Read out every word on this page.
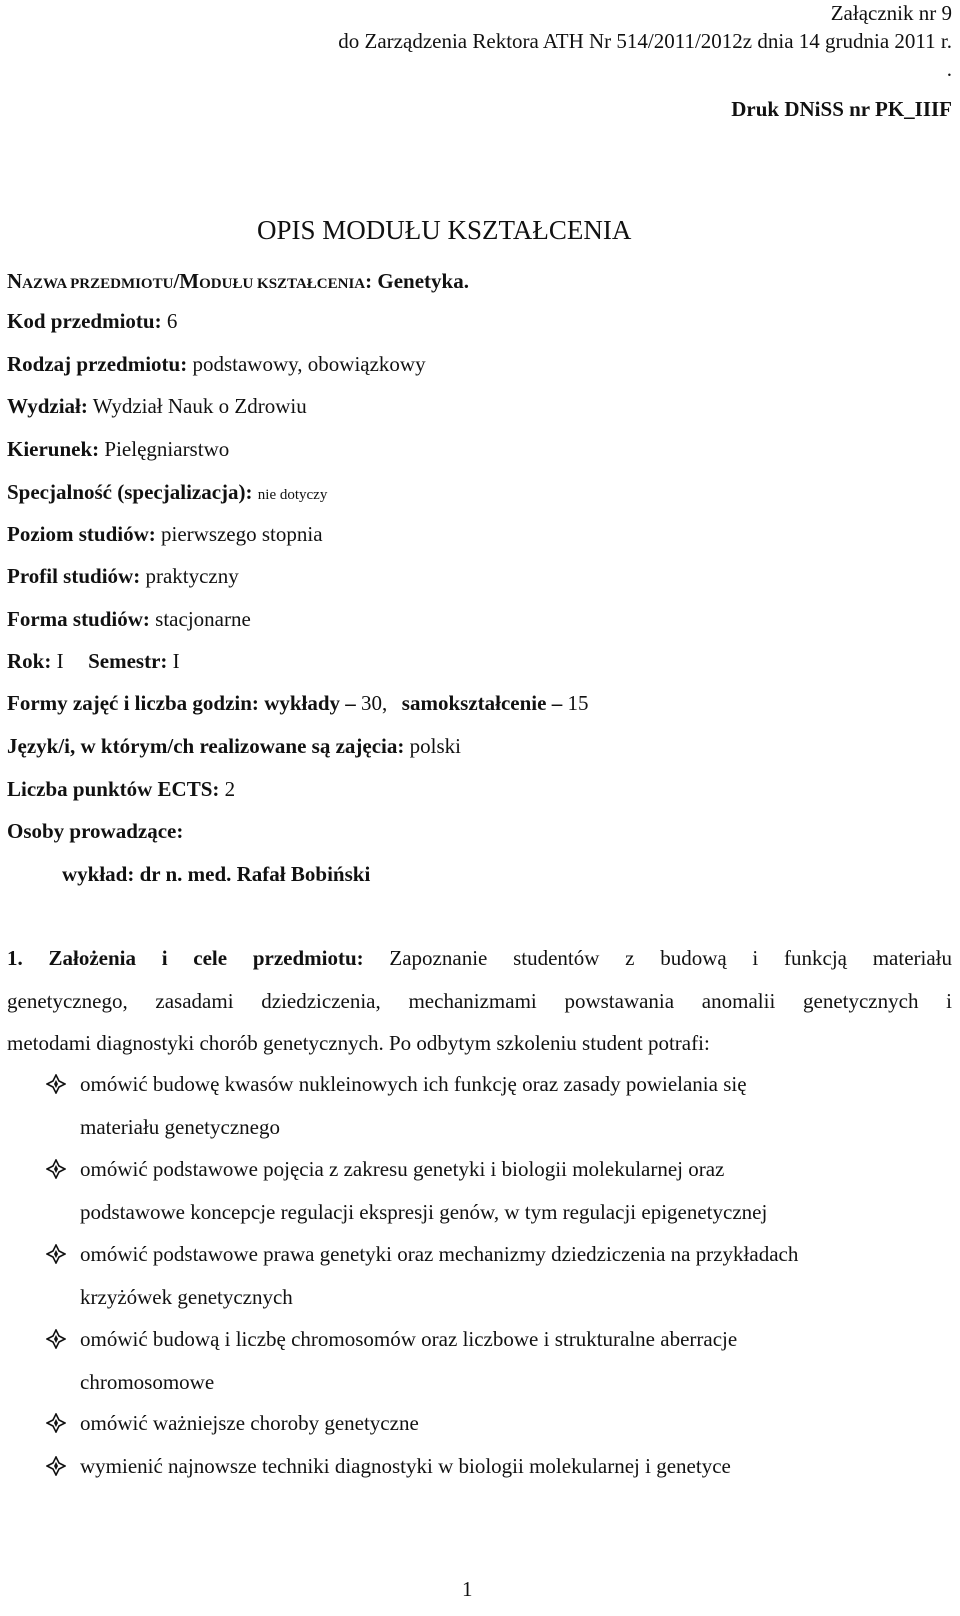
Załącznik nr 9
do Zarządzenia Rektora ATH Nr 514/2011/2012z dnia 14 grudnia 2011 r.
.
Druk DNiSS nr PK_IIIF
OPIS MODUŁU KSZTAŁCENIA
NAZWA PRZEDMIOTU/MODUŁU KSZTAŁCENIA: Genetyka.
Kod przedmiotu: 6
Rodzaj przedmiotu: podstawowy, obowiązkowy
Wydział: Wydział Nauk o Zdrowiu
Kierunek: Pielęgniarstwo
Specjalność (specjalizacja): nie dotyczy
Poziom studiów: pierwszego stopnia
Profil studiów: praktyczny
Forma studiów: stacjonarne
Rok: I Semestr: I
Formy zajęć i liczba godzin: wykłady – 30, samokształcenie – 15
Język/i, w którym/ch realizowane są zajęcia: polski
Liczba punktów ECTS: 2
Osoby prowadzące:
wykład: dr n. med. Rafał Bobiński
1. Założenia i cele przedmiotu: Zapoznanie studentów z budową i funkcją materiału
genetycznego, zasadami dziedziczenia, mechanizmami powstawania anomalii genetycznych i
metodami diagnostyki chorób genetycznych. Po odbytym szkoleniu student potrafi:
omówić budowę kwasów nukleinowych ich funkcję oraz zasady powielania się
materiału genetycznego
omówić podstawowe pojęcia z zakresu genetyki i biologii molekularnej oraz
podstawowe koncepcje regulacji ekspresji genów, w tym regulacji epigenetycznej
omówić podstawowe prawa genetyki oraz mechanizmy dziedziczenia na przykładach
krzyżówek genetycznych
omówić budową i liczbę chromosomów oraz liczbowe i strukturalne aberracje
chromosomowe
omówić ważniejsze choroby genetyczne
wymienić najnowsze techniki diagnostyki w biologii molekularnej i genetyce
1
